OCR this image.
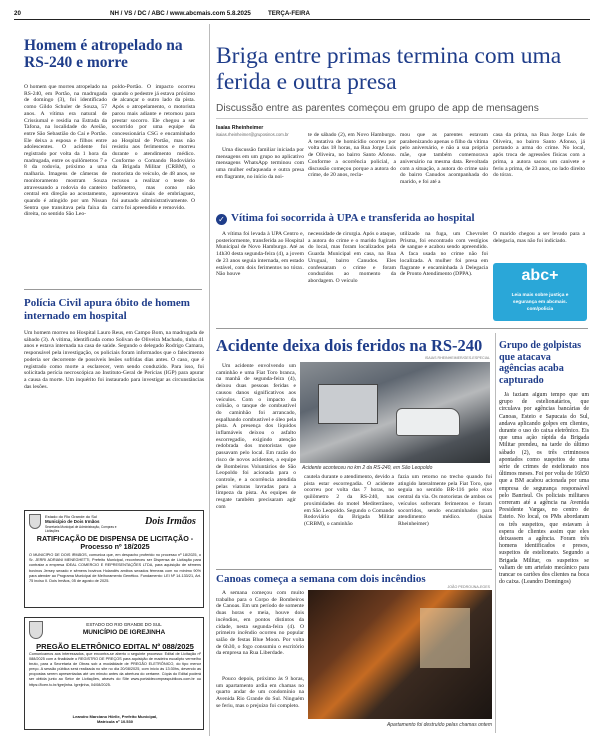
20	NH / VS / DC / ABC / www.abcmais.com 5.8.2025	TERÇA-FEIRA
Homem é atropelado na RS-240 e morre
O homem que morreu atropelado na RS-240, em Portão, na madrugada de domingo (3), foi identificado como Gildo Schuler de Souza, 57 anos. A vítima era natural de Crissiumal e residia na Estrada da Tafona, na localidade do Areião, entre São Sebastião do Caí e Portão. Ele deixa a esposa e filhos entre adolescentes. O acidente foi registrado por volta da 1 hora da madrugada, entre os quilômetros 7 e 8 da rodovia, próximo a uma malharia. Imagens de câmeras de monitoramento mostram Souza atravessando a rodovia do canteiro central em direção ao acostamento, quando é atingido por um Nissan Sentra que transitava pela faixa da direita, no sentido São Leo-
poldo-Portão. O impacto ocorreu quando o pedestre já estava próximo de alcançar o outro lado da pista. Após o atropelamento, o motorista parou mais adiante e retornou para prestar socorro. Ele chegou a ser socorrido por uma equipe da concessionária CSG e encaminhado ao Hospital de Portão, mas não resistiu aos ferimentos e morreu durante o atendimento médico. Conforme o Comando Rodoviário da Brigada Militar (CRBM), o motorista do veículo, de 48 anos, se recusou a realizar o teste do bafômetro, mas como não apresentava sinais de embriaguez, foi autuado administrativamente. O carro foi apreendido e removido.
Polícia Civil apura óbito de homem internado em hospital
Um homem morreu no Hospital Lauro Reus, em Campo Bom, na madrugada de sábado (3). A vítima, identificada como Solivan de Oliveira Machado, tinha 41 anos e estava internada na casa de saúde. Segundo o delegado Rodrigo Camara, responsável pela investigação, os policiais foram informados que o falecimento poderia ser decorrente de possíveis lesões sofridas dias antes. O caso, que é registrado como morte a esclarecer, vem sendo conduzido. Para isso, foi solicitada perícia necroscópica ao Instituto-Geral de Perícias (IGP) para apurar a causa da morte. Um inquérito foi instaurado para investigar as circunstâncias das lesões.
Estado do Rio Grande do Sul
Município de Dois Irmãos
Secretaria Municipal de Administração, Compras e Licitações
Dois Irmãos
RATIFICAÇÃO DE DISPENSA DE LICITAÇÃO - Processo nº 18/2025
O MUNICÍPIO DE DOIS IRMÃOS, comunica que, em despacho proferido no processo nº 18/2025, o Sr. JERRI ADRIANI MENEGHETTI, Prefeito Municipal, reconheceu ser Dispensa de Licitação para contratar a empresa IDEAL COMERCIO E REPRESENTAÇÕES LTDA, para aquisição de sêmens bovinos Jersey sexado e sêmens bovinos Holandês amibos sexados férmeas com no mínimo 90% para atender ao Programa Municipal de Melhoramento Genético. Fundamento: LEI Nº 14.133/21, Art. 75 inciso II. Dois Irmãos, 05 de agosto de 2025.
ESTADO DO RIO GRANDE DO SUL
MUNICÍPIO DE IGREJINHA
PREGÃO ELETRÔNICO EDITAL Nº 088/2025
Comunicamos aos interessados, que encontra-se aberto o seguinte processo: Edital de Licitação nº 088/2025 com a finalidade o REGISTRO DE PREÇOS para aquisição de madeira eucalipto vermelho bruto, para a Secretaria de Obras sob a modalidade de PREGÃO ELETRÔNICO, do tipo menor preço. A sessão pública será realizada no site no dia 20/08/2025, com início às 13:30hs, devendo as propostas serem apresentadas até um minuto antes da abertura do certame. Cópia do Edital poderá ser obtida junto ao Setor de Licitações, através do Site www.portaldecompraspublicos.com.br ou https://licen.tc.br/igrejinha. Igrejinha, 04/08/2025.
Leandro Marciano Hörlle, Prefeito Municipal, Matrícula nº 10.530
Briga entre primas termina com uma ferida e outra presa
Discussão entre as parentes começou em grupo de app de mensagens
Isaías Rheinheimer
isaias.rheinheimer@gruposinos.com.br
Uma discussão familiar iniciada por mensagens em um grupo no aplicativo mensagens WhatsApp terminou com uma mulher esfaqueada e outra presa em flagrante, no início da noi-
te de sábado (2), em Novo Hamburgo. A tentativa de homicídio ocorreu por volta das 18 horas, na Rua Jorge Luis de Oliveira, no bairro Santo Afonso. Conforme a ocorrência policial, a discussão começou porque a autora do crime, de 20 anos, recla-
mou que as parentes estavam parabenizando apenas o filho da vítima pelo aniversário, e não a sua própria mãe, que também comemorava aniversário na mesma data. Revoltada com a situação, a autora do crime saiu do bairro Canudos acompanhada do marido, e foi até a
casa da prima, na Rua Jorge Luis de Oliveira, no bairro Santo Afonso, já portando a arma do crime. No local, após troca de agressões físicas com a prima, a autora sacou um canivete e feriu a prima, de 23 anos, no lado direito do tórax.
✓ Vítima foi socorrida à UPA e transferida ao hospital
A vítima foi levada à UPA Centro e, posteriormente, transferida ao Hospital Municipal de Novo Hamburgo. Até as 14h30 desta segunda-feira (4), a jovem de 23 anos seguia internada, em estado estável, com dois ferimentos no tórax. Não houve
necessidade de cirurgia. Após o ataque, a autora do crime e o marido fugiram do local, mas foram localizados pela Guarda Municipal em casa, na Rua Uruguai, bairro Canudos. Eles confessaram o crime e foram conduzidos ao momento da abordagem. O veículo
utilizado na fuga, um Chevrolet Prisma, foi encontrado com vestígios de sangue e acabou sendo apreendido. A faca usada no crime não foi localizada. A mulher foi presa em flagrante e encaminhada à Delegacia de Pronto Atendimento (DPPA).
O marido chegou a ser levado para a delegacia, mas não foi indiciado.
abc+
Leia mais sobre justiça e
segurança em abcmais.
com/policia
Acidente deixa dois feridos na RS-240
ISAIAS RHEINHEIMER/GES-ESPECIAL
Um acidente envolvendo um caminhão e uma Fiat Toro branca, na manhã de segunda-feira (4), deixou duas pessoas feridas e causou danos significativos aos veículos. Com o impacto da colisão, o tanque de combustível do caminhão foi arrancado, espalhando combustível e óleo pela pista. A presença dos líquidos inflamáveis deixou o asfalto escorregadio, exigindo atenção redobrada dos motoristas que passavam pelo local. Em razão do risco de novos acidentes, a equipe de Bombeiros Voluntários de São Leopoldo foi acionada para o controle, e a ocorrência atendida pelas viaturas lavradas para a limpeza da pista. As equipes de resgate também precisaram agir com
Acidente aconteceu no km 2 da RS-240, em São Leopoldo
cautela durante o atendimento, devido a pista estar escorregadia. O acidente ocorreu por volta das 7 horas, no quilômetro 2 da RS-240, nas proximidades do motel Mediterrâneo, em São Leopoldo. Segundo o Comando Rodoviário da Brigada Militar (CRBM), o caminhão
fazia um retorno no trecho quando foi atingido lateralmente pela Fiat Toro, que seguia no sentido BR-116 pelo eixo central da via. Os motoristas de ambos os veículos sofreram ferimentos e foram socorridos, sendo encaminhados para atendimento médico. (Isaías Rheinheimer)
Canoas começa a semana com dois incêndios
JOÃO PEDRO/JNA-EGES
A semana começou com muito trabalho para o Corpo de Bombeiros de Canoas. Em um período de somente duas horas e meia, houve dois incêndios, em pontos distintos da cidade, nesta segunda-feira (4). O primeiro incêndio ocorreu no popular salão de festas Blue Moon. Por volta de 6h30, o fogo consumiu o escritório da empresa na Rua Liberdade.
Pouco depois, próximo às 9 horas, um apartamento ardia em chamas no quarto andar de um condomínio na Avenida Rio Grande do Sul. Ninguém se feriu, mas o prejuízo foi completo.
Apartamento foi destruído pelas chamas ontem
Grupo de golpistas que atacava agências acaba capturado
Já faziam algum tempo que um grupo de estelionatários, que circulava por agências bancárias de Canoas, Esteio e Sapucaia do Sul, andava aplicando golpes em clientes, durante o uso do caixa eletrônico. Eis que uma ação rápida da Brigada Militar prendeu, na tarde do último sábado (2), os três criminosos apontados como suspeitos de uma série de crimes de estelionato nos últimos meses. Foi por volta de 16h50 que a BM acabou acionada por uma empresa de segurança responsável pelo Banrisul. Os policiais militares correram até a agência na Avenida Presidente Vargas, no centro de Esteio. No local, os PMs abordaram os três suspeitos, que estavam à espera de clientes assim que eles deixassem a agência. Foram três homens identificados e presos, suspeitos de estelionato. Segundo a Brigada Militar, os suspeitos se valiam de um artefato mecânico para trancar os cartões dos clientes na boca do caixa. (Leandro Domingos)
